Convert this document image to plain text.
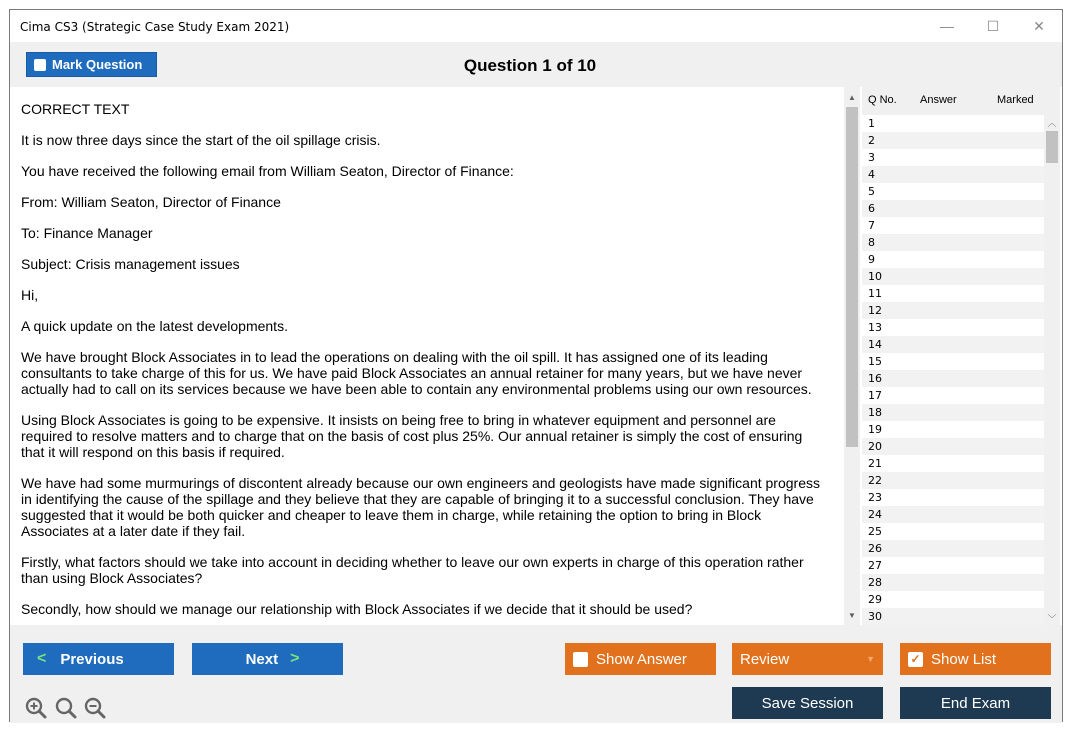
Cima CS3 (Strategic Case Study Exam 2021)	—	☐	✕
Mark Question	Question 1 of 10

CORRECT TEXT

It is now three days since the start of the oil spillage crisis.

You have received the following email from William Seaton, Director of Finance:

From: William Seaton, Director of Finance

To: Finance Manager

Subject: Crisis management issues

Hi,

A quick update on the latest developments.

We have brought Block Associates in to lead the operations on dealing with the oil spill. It has assigned one of its leading consultants to take charge of this for us. We have paid Block Associates an annual retainer for many years, but we have never actually had to call on its services because we have been able to contain any environmental problems using our own resources.

Using Block Associates is going to be expensive. It insists on being free to bring in whatever equipment and personnel are required to resolve matters and to charge that on the basis of cost plus 25%. Our annual retainer is simply the cost of ensuring that it will respond on this basis if required.

We have had some murmurings of discontent already because our own engineers and geologists have made significant progress in identifying the cause of the spillage and they believe that they are capable of bringing it to a successful conclusion. They have suggested that it would be both quicker and cheaper to leave them in charge, while retaining the option to bring in Block Associates at a later date if they fail.

Firstly, what factors should we take into account in deciding whether to leave our own experts in charge of this operation rather than using Block Associates?

Secondly, how should we manage our relationship with Block Associates if we decide that it should be used?

▲
▼
Q No. Answer	Marked
1
2
3
4
5
6
7
8
9
10
11
12
13
14
15
16
17
18
19
20
21
22
23
24
25
26
27
28
29
30
︿
﹀
< Previous	Next >	Show Answer	Review	▼	✓ Show List
Save Session	End Exam
